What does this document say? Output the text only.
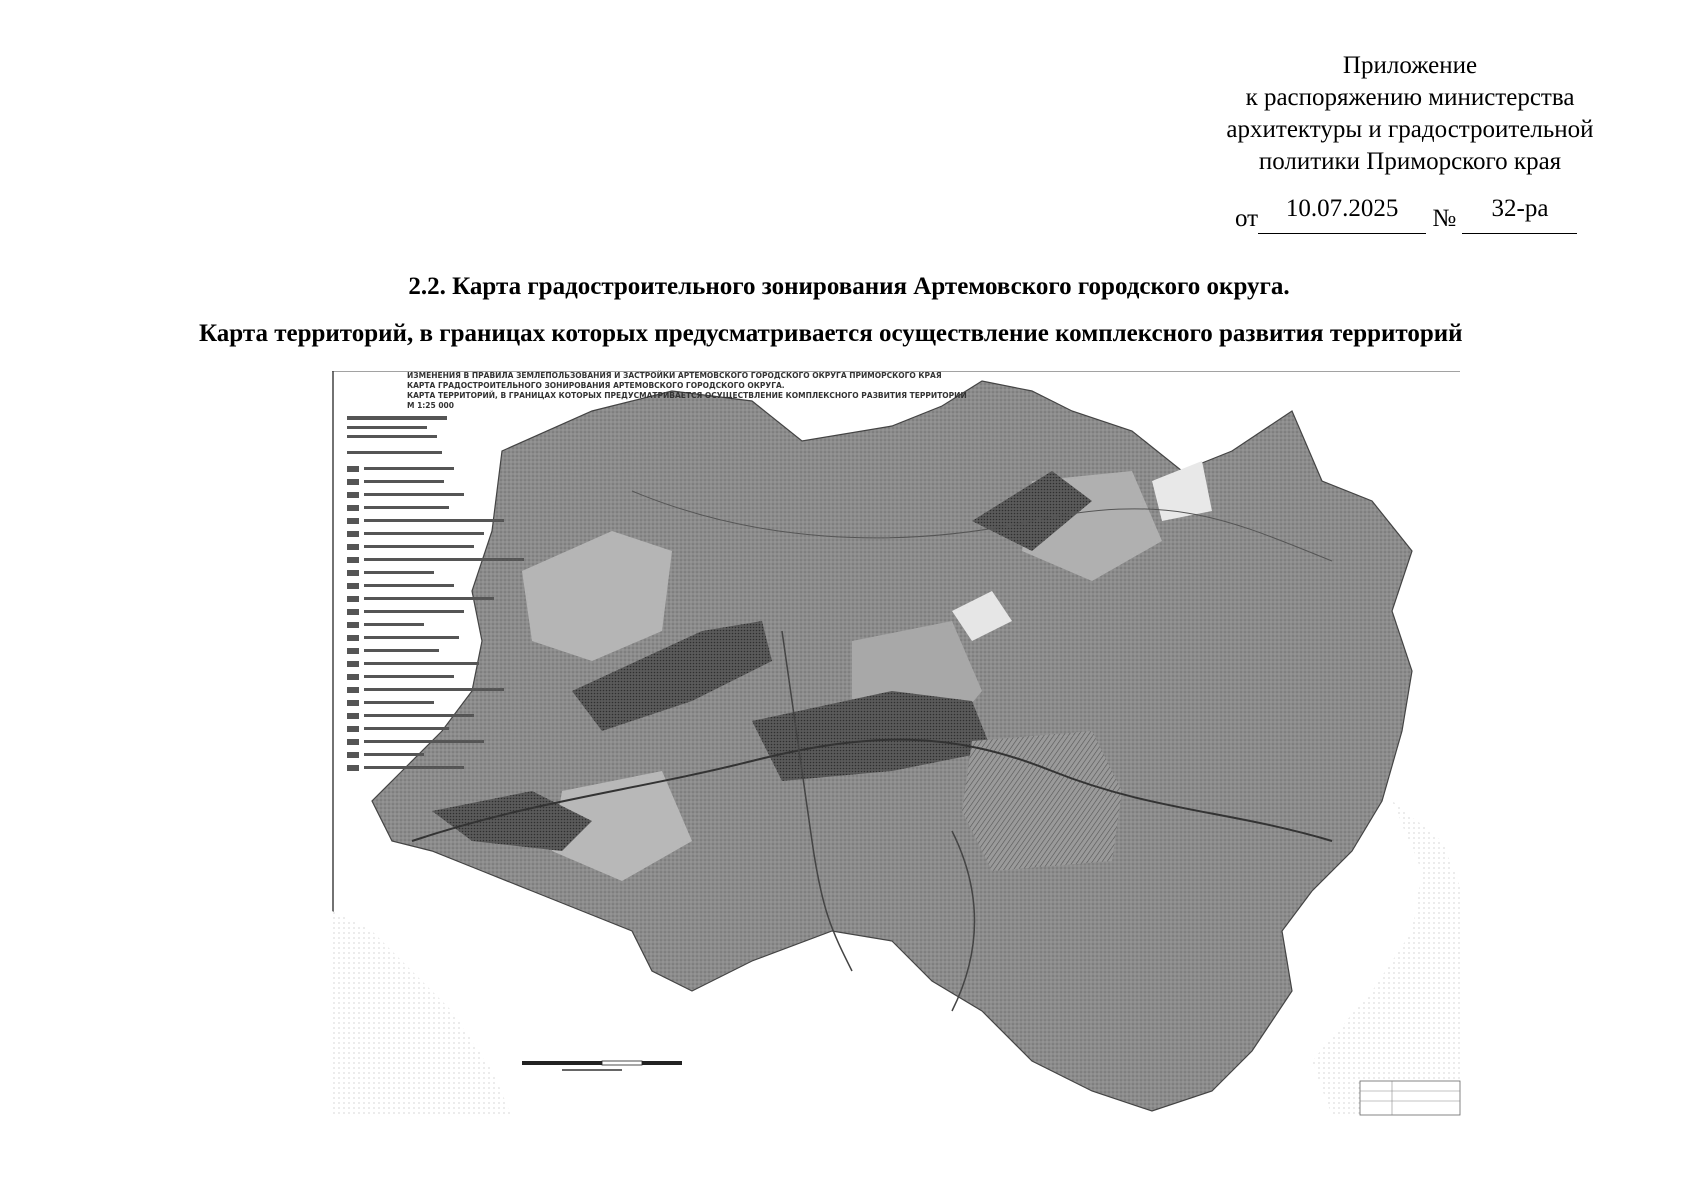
Приложение
к распоряжению министерства
архитектуры и градостроительной
политики Приморского края
от 10.07.2025 № 32-ра
2.2. Карта градостроительного зонирования Артемовского городского округа.
Карта территорий, в границах которых предусматривается осуществление комплексного развития территорий
ИЗМЕНЕНИЯ В ПРАВИЛА ЗЕМЛЕПОЛЬЗОВАНИЯ И ЗАСТРОЙКИ АРТЕМОВСКОГО ГОРОДСКОГО ОКРУГА ПРИМОРСКОГО КРАЯ
КАРТА ГРАДОСТРОИТЕЛЬНОГО ЗОНИРОВАНИЯ АРТЕМОВСКОГО ГОРОДСКОГО ОКРУГА.
КАРТА ТЕРРИТОРИЙ, В ГРАНИЦАХ КОТОРЫХ ПРЕДУСМАТРИВАЕТСЯ ОСУЩЕСТВЛЕНИЕ КОМПЛЕКСНОГО РАЗВИТИЯ ТЕРРИТОРИИ
М 1:25 000
